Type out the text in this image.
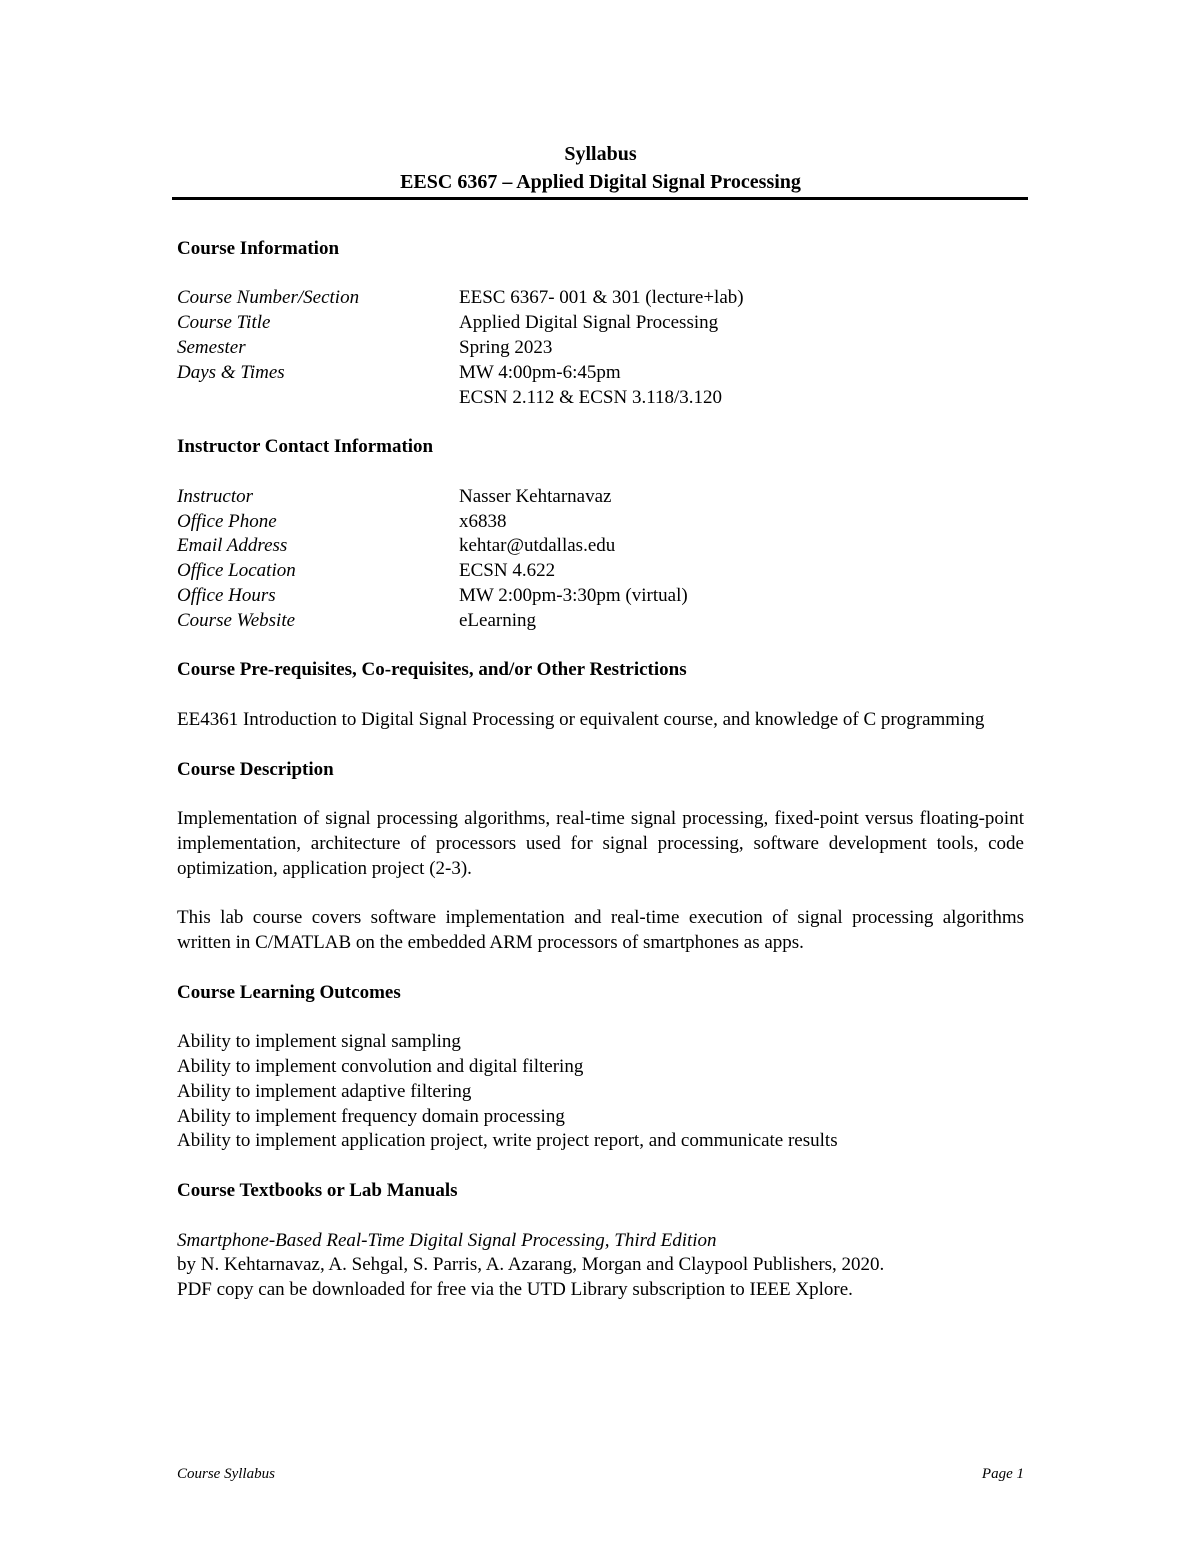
Syllabus
EESC 6367 – Applied Digital Signal Processing
Course Information
Course Number/Section	EESC 6367- 001 & 301 (lecture+lab)
Course Title	Applied Digital Signal Processing
Semester	Spring 2023
Days & Times	MW 4:00pm-6:45pm
ECSN 2.112 & ECSN 3.118/3.120
Instructor Contact Information
Instructor	Nasser Kehtarnavaz
Office Phone	x6838
Email Address	kehtar@utdallas.edu
Office Location	ECSN 4.622
Office Hours	MW 2:00pm-3:30pm (virtual)
Course Website	eLearning
Course Pre-requisites, Co-requisites, and/or Other Restrictions

EE4361 Introduction to Digital Signal Processing or equivalent course, and knowledge of C programming

Course Description

Implementation of signal processing algorithms, real-time signal processing, fixed-point versus floating-point implementation, architecture of processors used for signal processing, software development tools, code optimization, application project (2-3).

This lab course covers software implementation and real-time execution of signal processing algorithms written in C/MATLAB on the embedded ARM processors of smartphones as apps.

Course Learning Outcomes
Ability to implement signal sampling
Ability to implement convolution and digital filtering
Ability to implement adaptive filtering
Ability to implement frequency domain processing
Ability to implement application project, write project report, and communicate results
Course Textbooks or Lab Manuals
Smartphone-Based Real-Time Digital Signal Processing, Third Edition
by N. Kehtarnavaz, A. Sehgal, S. Parris, A. Azarang, Morgan and Claypool Publishers, 2020.
PDF copy can be downloaded for free via the UTD Library subscription to IEEE Xplore.
Course Syllabus	Page 1
